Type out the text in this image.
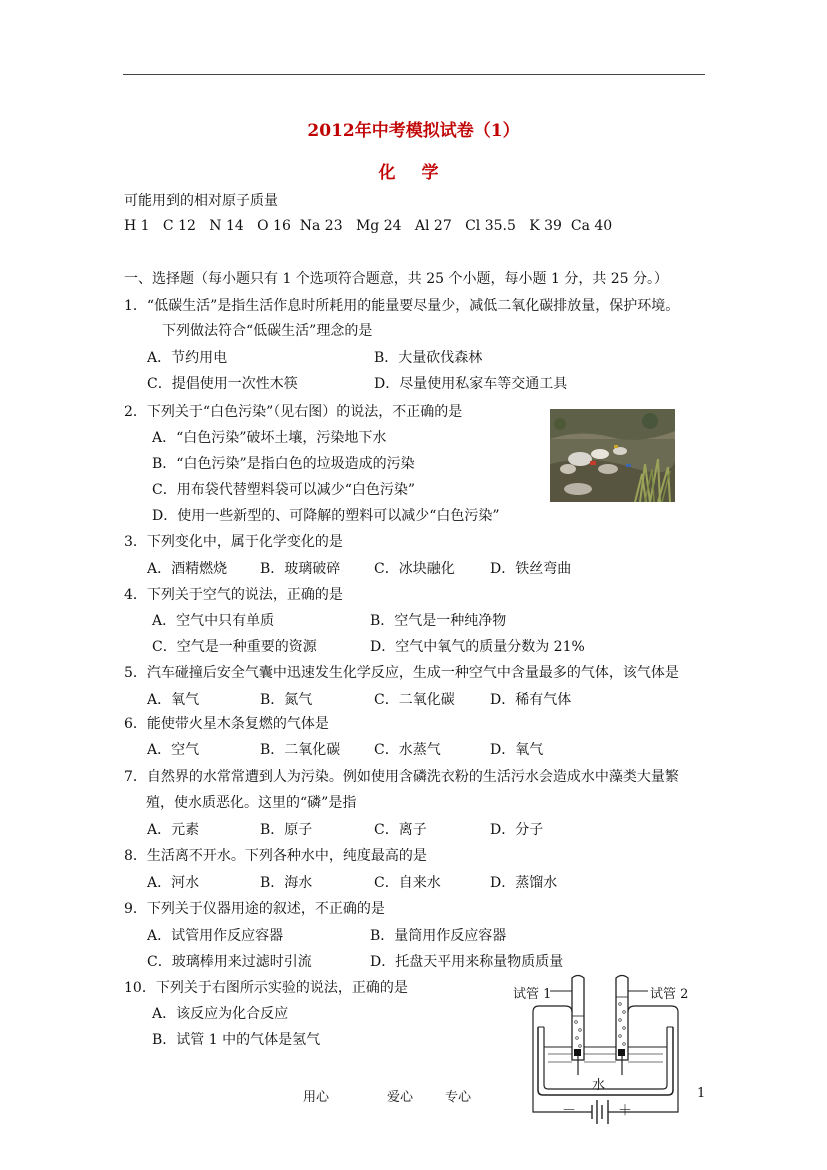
2012年中考模拟试卷（1）
化 学
可能用到的相对原子质量
H 1   C 12   N 14   O 16  Na 23   Mg 24   Al 27   Cl 35.5   K 39  Ca 40
一、选择题（每小题只有 1 个选项符合题意，共 25 个小题，每小题 1 分，共 25 分。）
1．“低碳生活”是指生活作息时所耗用的能量要尽量少，减低二氧化碳排放量，保护环境。
下列做法符合“低碳生活”理念的是
A．节约用电	B．大量砍伐森林
C．提倡使用一次性木筷	D．尽量使用私家车等交通工具
2．下列关于“白色污染”（见右图）的说法，不正确的是
A．“白色污染”破坏土壤，污染地下水
B．“白色污染”是指白色的垃圾造成的污染
C．用布袋代替塑料袋可以减少“白色污染”
D．使用一些新型的、可降解的塑料可以减少“白色污染”
3．下列变化中，属于化学变化的是
A．酒精燃烧 B．玻璃破碎 C．冰块融化	D．铁丝弯曲
4．下列关于空气的说法，正确的是
A．空气中只有单质	B．空气是一种纯净物
C．空气是一种重要的资源	D．空气中氧气的质量分数为 21%
5．汽车碰撞后安全气囊中迅速发生化学反应，生成一种空气中含量最多的气体，该气体是
A．氧气	B．氮气	C．二氧化碳	D．稀有气体
6．能使带火星木条复燃的气体是
A．空气	B．二氧化碳 C．水蒸气	D．氧气
7．自然界的水常常遭到人为污染。例如使用含磷洗衣粉的生活污水会造成水中藻类大量繁
殖，使水质恶化。这里的“磷”是指
A．元素	B．原子	C．离子	D．分子
8．生活离不开水。下列各种水中，纯度最高的是
A．河水	B．海水	C．自来水	D．蒸馏水
9．下列关于仪器用途的叙述，不正确的是
A．试管用作反应容器	B．量筒用作反应容器
C．玻璃棒用来过滤时引流	D．托盘天平用来称量物质质量
10．下列关于右图所示实验的说法，正确的是
A．该反应为化合反应
B．试管 1 中的气体是氢气
试管 1	试管 2
水
－	＋
用心	爱心 专心	1
